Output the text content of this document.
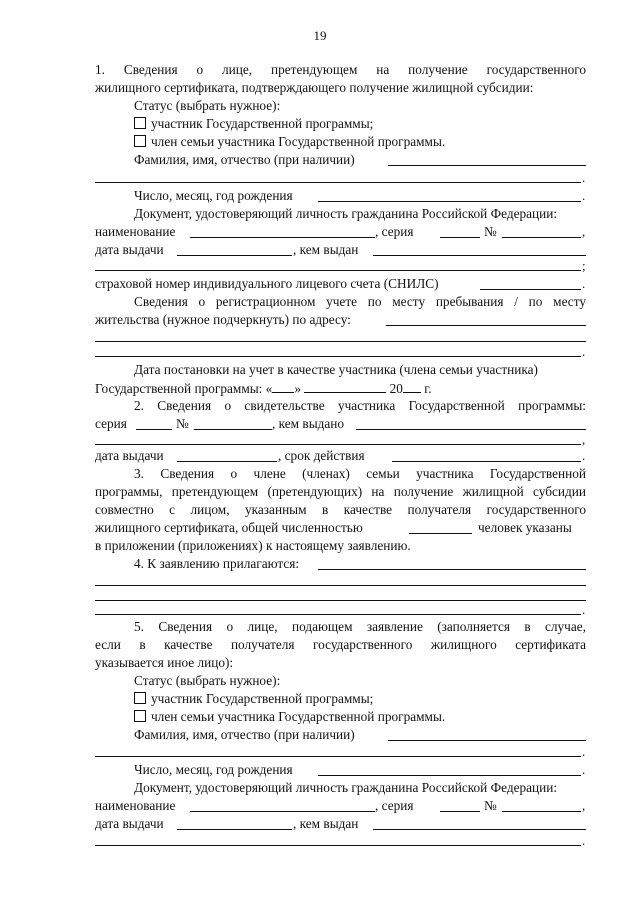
19
1. Сведения о лице, претендующем на получение государственного
жилищного сертификата, подтверждающего получение жилищной субсидии:
Статус (выбрать нужное):
участник Государственной программы;
член семьи участника Государственной программы.
Фамилия, имя, отчество (при наличии)
.
Число, месяц, год рождения	.
Документ, удостоверяющий личность гражданина Российской Федерации:
наименование	, серия	№	,
дата выдачи	, кем выдан
;
страховой номер индивидуального лицевого счета (СНИЛС)	.
Сведения о регистрационном учете по месту пребывания / по месту
жительства (нужное подчеркнуть) по адресу:
.
Дата постановки на учет в качестве участника (члена семьи участника)
Государственной программы: « »	20 г.
2. Сведения о свидетельстве участника Государственной программы:
серия	№	, кем выдано
,
дата выдачи	, срок действия	.
3. Сведения о члене (членах) семьи участника Государственной
программы, претендующем (претендующих) на получение жилищной субсидии
совместно с лицом, указанным в качестве получателя государственного
жилищного сертификата, общей численностью	человек указаны
в приложении (приложениях) к настоящему заявлению.
4. К заявлению прилагаются:
.
5. Сведения о лице, подающем заявление (заполняется в случае,
если в качестве получателя государственного жилищного сертификата
указывается иное лицо):
Статус (выбрать нужное):
участник Государственной программы;
член семьи участника Государственной программы.
Фамилия, имя, отчество (при наличии)
.
Число, месяц, год рождения	.
Документ, удостоверяющий личность гражданина Российской Федерации:
наименование	, серия	№	,
дата выдачи	, кем выдан
.
